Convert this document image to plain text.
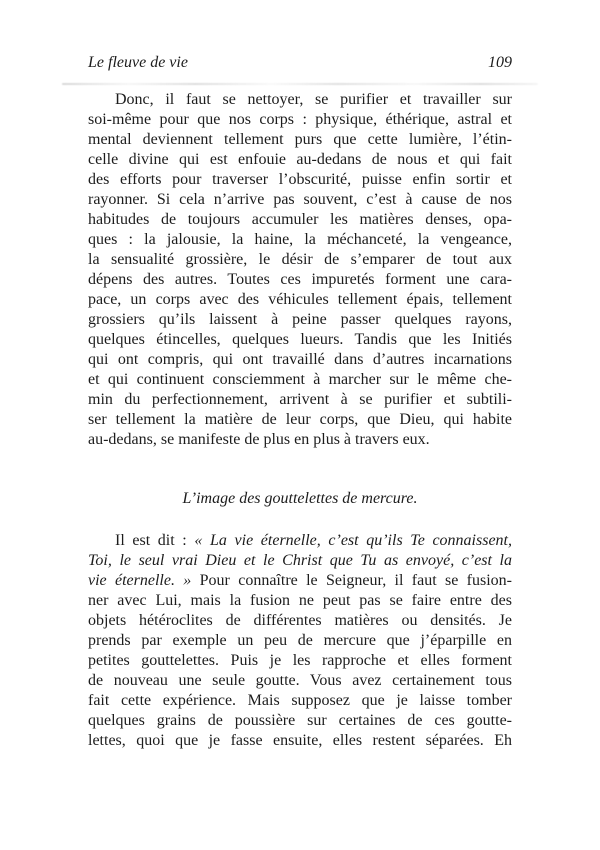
Le fleuve de vie	109
Donc, il faut se nettoyer, se purifier et travailler sur
soi-même pour que nos corps : physique, éthérique, astral et
mental deviennent tellement purs que cette lumière, l’étin-
celle divine qui est enfouie au-dedans de nous et qui fait
des efforts pour traverser l’obscurité, puisse enfin sortir et
rayonner. Si cela n’arrive pas souvent, c’est à cause de nos
habitudes de toujours accumuler les matières denses, opa-
ques : la jalousie, la haine, la méchanceté, la vengeance,
la sensualité grossière, le désir de s’emparer de tout aux
dépens des autres. Toutes ces impuretés forment une cara-
pace, un corps avec des véhicules tellement épais, tellement
grossiers qu’ils laissent à peine passer quelques rayons,
quelques étincelles, quelques lueurs. Tandis que les Initiés
qui ont compris, qui ont travaillé dans d’autres incarnations
et qui continuent consciemment à marcher sur le même che-
min du perfectionnement, arrivent à se purifier et subtili-
ser tellement la matière de leur corps, que Dieu, qui habite
au-dedans, se manifeste de plus en plus à travers eux.
L’image des gouttelettes de mercure.
Il est dit : « La vie éternelle, c’est qu’ils Te connaissent,
Toi, le seul vrai Dieu et le Christ que Tu as envoyé, c’est la
vie éternelle. » Pour connaître le Seigneur, il faut se fusion-
ner avec Lui, mais la fusion ne peut pas se faire entre des
objets hétéroclites de différentes matières ou densités. Je
prends par exemple un peu de mercure que j’éparpille en
petites gouttelettes. Puis je les rapproche et elles forment
de nouveau une seule goutte. Vous avez certainement tous
fait cette expérience. Mais supposez que je laisse tomber
quelques grains de poussière sur certaines de ces goutte-
lettes, quoi que je fasse ensuite, elles restent séparées. Eh
